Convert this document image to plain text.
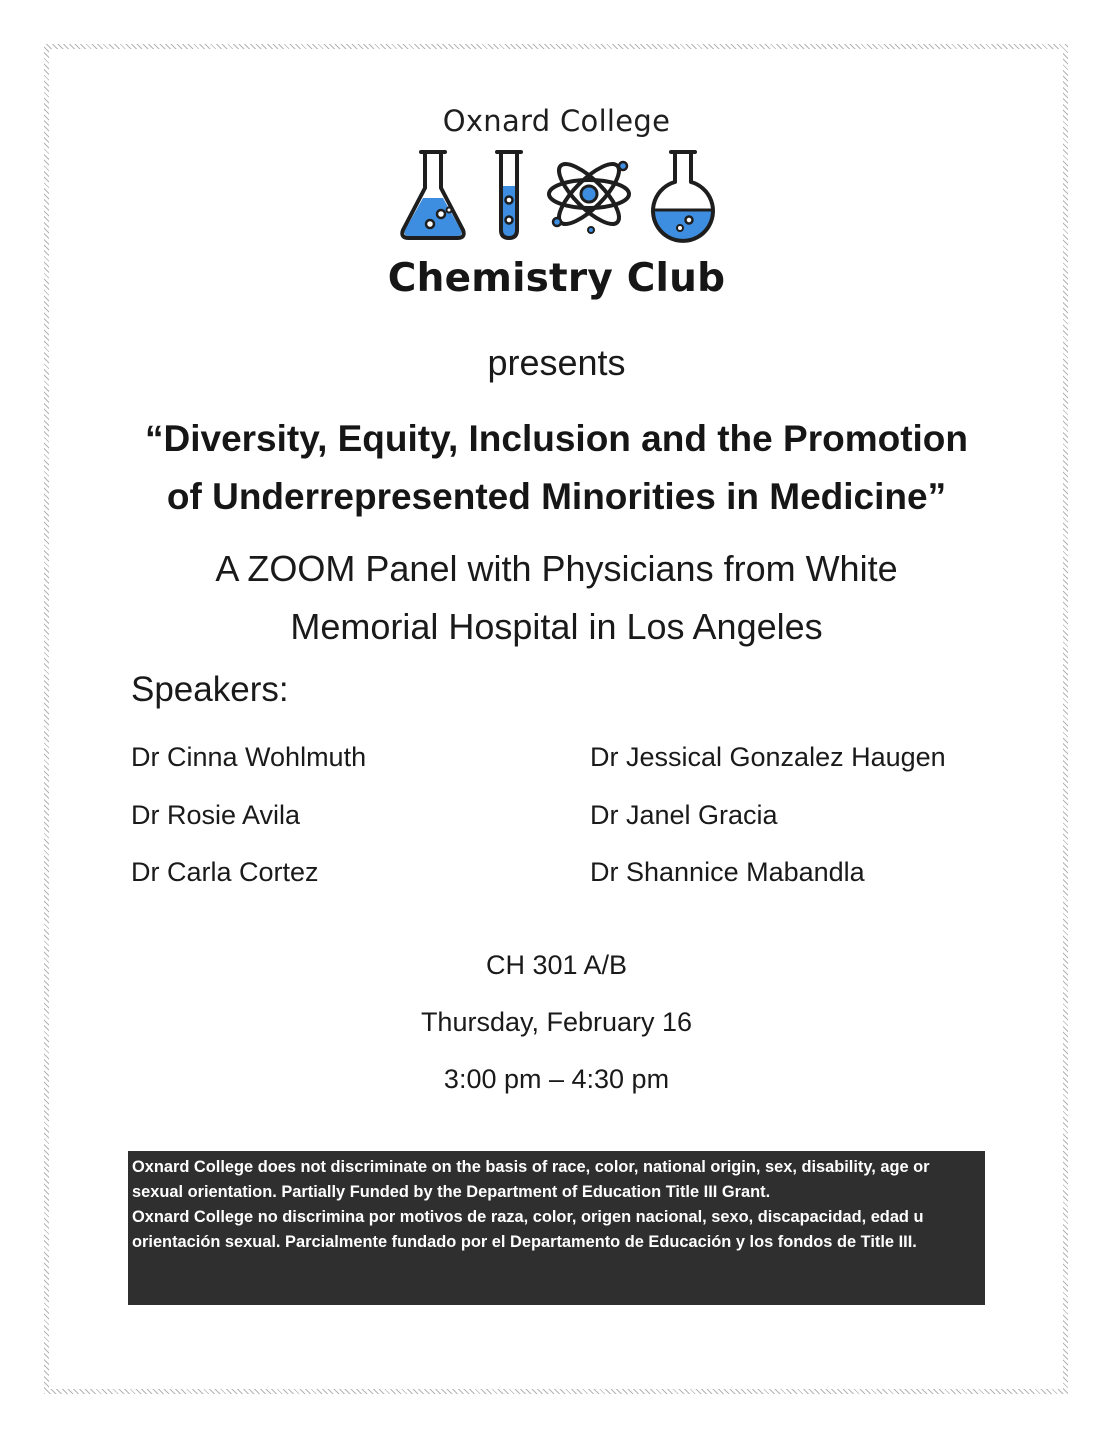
Oxnard College
Chemistry Club
presents
“Diversity, Equity, Inclusion and the Promotion
of Underrepresented Minorities in Medicine”
A ZOOM Panel with Physicians from White
Memorial Hospital in Los Angeles
Speakers:
Dr Cinna Wohlmuth
Dr Rosie Avila
Dr Carla Cortez
Dr Jessical Gonzalez Haugen
Dr Janel Gracia
Dr Shannice Mabandla
CH 301 A/B
Thursday, February 16
3:00 pm – 4:30 pm

Oxnard College does not discriminate on the basis of race, color, national origin, sex, disability, age or sexual orientation. Partially Funded by the Department of Education Title III Grant.

Oxnard College no discrimina por motivos de raza, color, origen nacional, sexo, discapacidad, edad u orientación sexual. Parcialmente fundado por el Departamento de Educación y los fondos de Title III.
